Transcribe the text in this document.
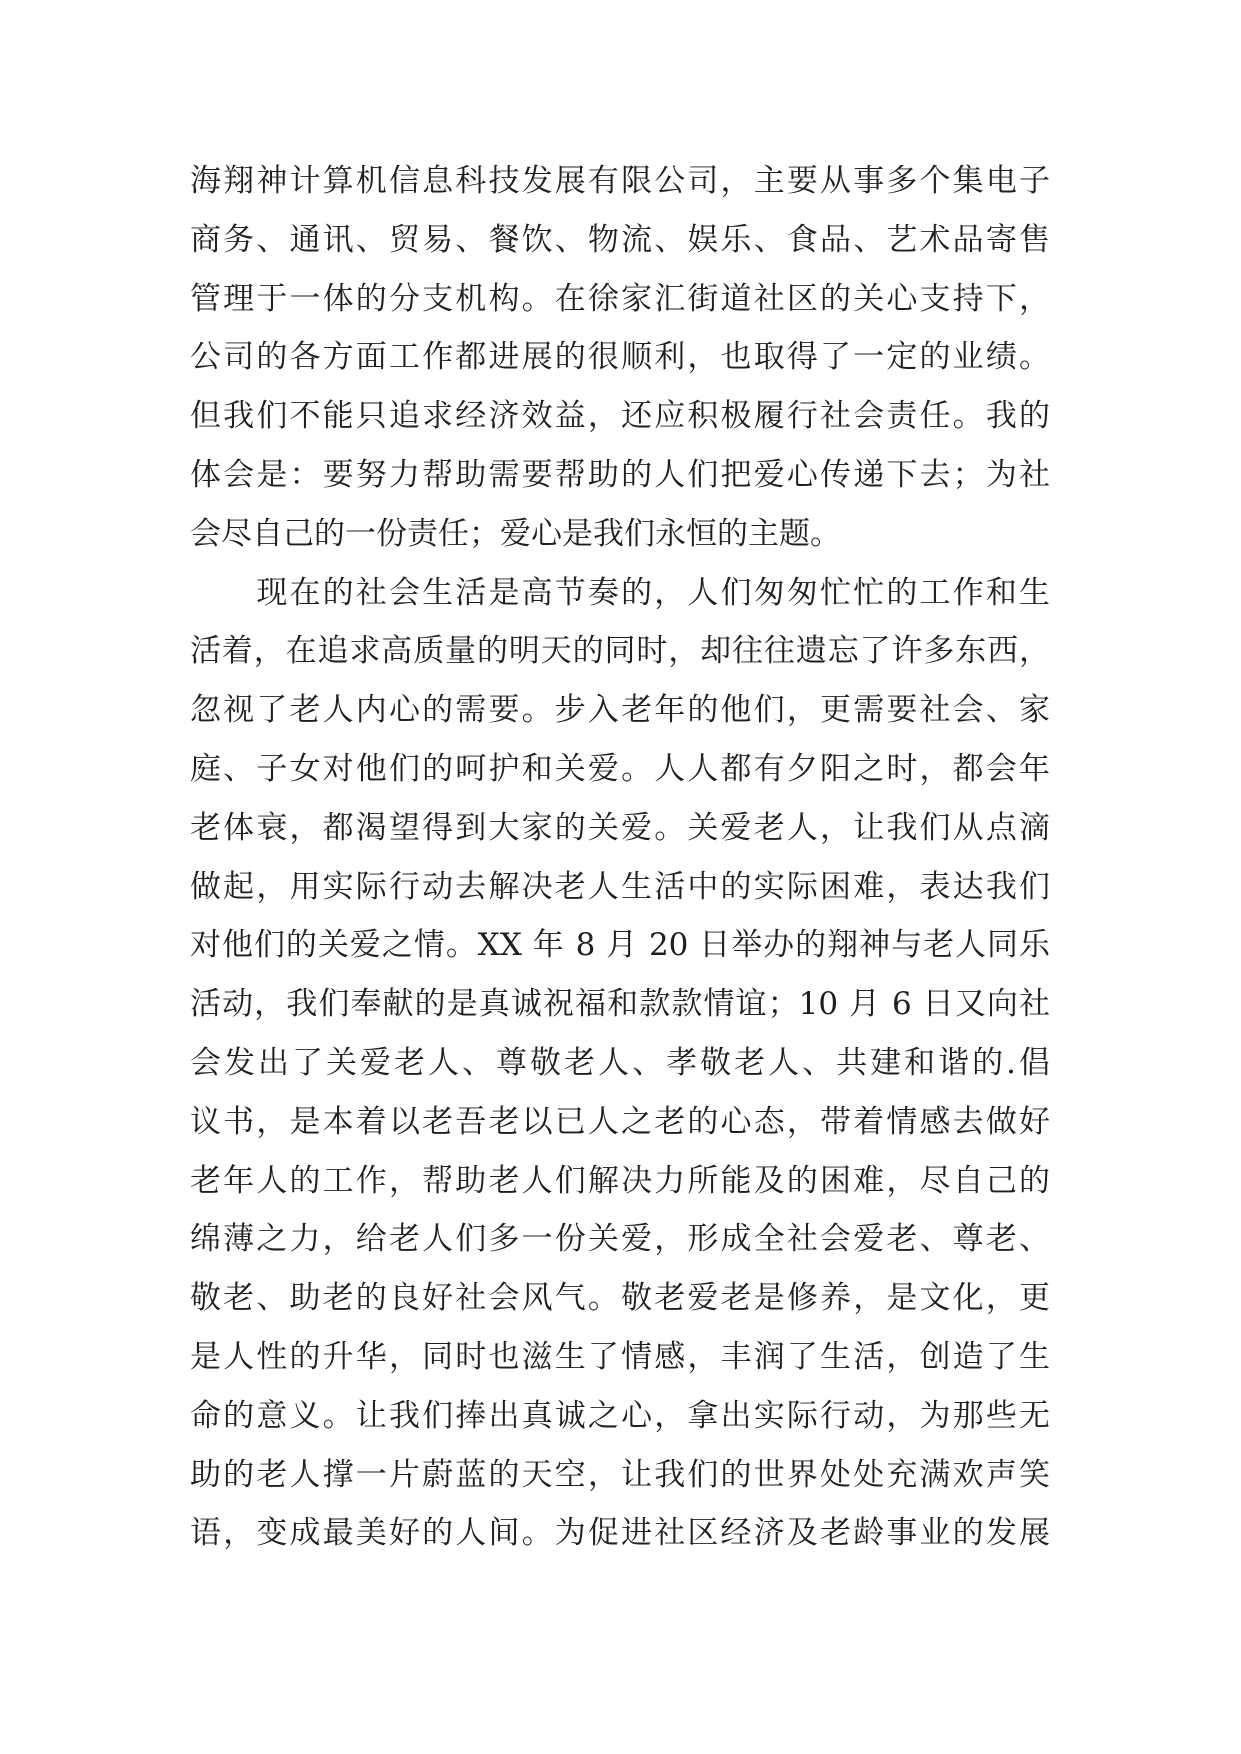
海翔神计算机信息科技发展有限公司，主要从事多个集电子
商务、通讯、贸易、餐饮、物流、娱乐、食品、艺术品寄售
管理于一体的分支机构。在徐家汇街道社区的关心支持下，
公司的各方面工作都进展的很顺利，也取得了一定的业绩。
但我们不能只追求经济效益，还应积极履行社会责任。我的
体会是：要努力帮助需要帮助的人们把爱心传递下去；为社
会尽自己的一份责任；爱心是我们永恒的主题。
　　现在的社会生活是高节奏的，人们匆匆忙忙的工作和生
活着，在追求高质量的明天的同时，却往往遗忘了许多东西，
忽视了老人内心的需要。步入老年的他们，更需要社会、家
庭、子女对他们的呵护和关爱。人人都有夕阳之时，都会年
老体衰，都渴望得到大家的关爱。关爱老人，让我们从点滴
做起，用实际行动去解决老人生活中的实际困难，表达我们
对他们的关爱之情。XX 年 8 月 20 日举办的翔神与老人同乐
活动，我们奉献的是真诚祝福和款款情谊；10 月 6 日又向社
会发出了关爱老人、尊敬老人、孝敬老人、共建和谐的.倡
议书，是本着以老吾老以已人之老的心态，带着情感去做好
老年人的工作，帮助老人们解决力所能及的困难，尽自己的
绵薄之力，给老人们多一份关爱，形成全社会爱老、尊老、
敬老、助老的良好社会风气。敬老爱老是修养，是文化，更
是人性的升华，同时也滋生了情感，丰润了生活，创造了生
命的意义。让我们捧出真诚之心，拿出实际行动，为那些无
助的老人撑一片蔚蓝的天空，让我们的世界处处充满欢声笑
语，变成最美好的人间。为促进社区经济及老龄事业的发展
